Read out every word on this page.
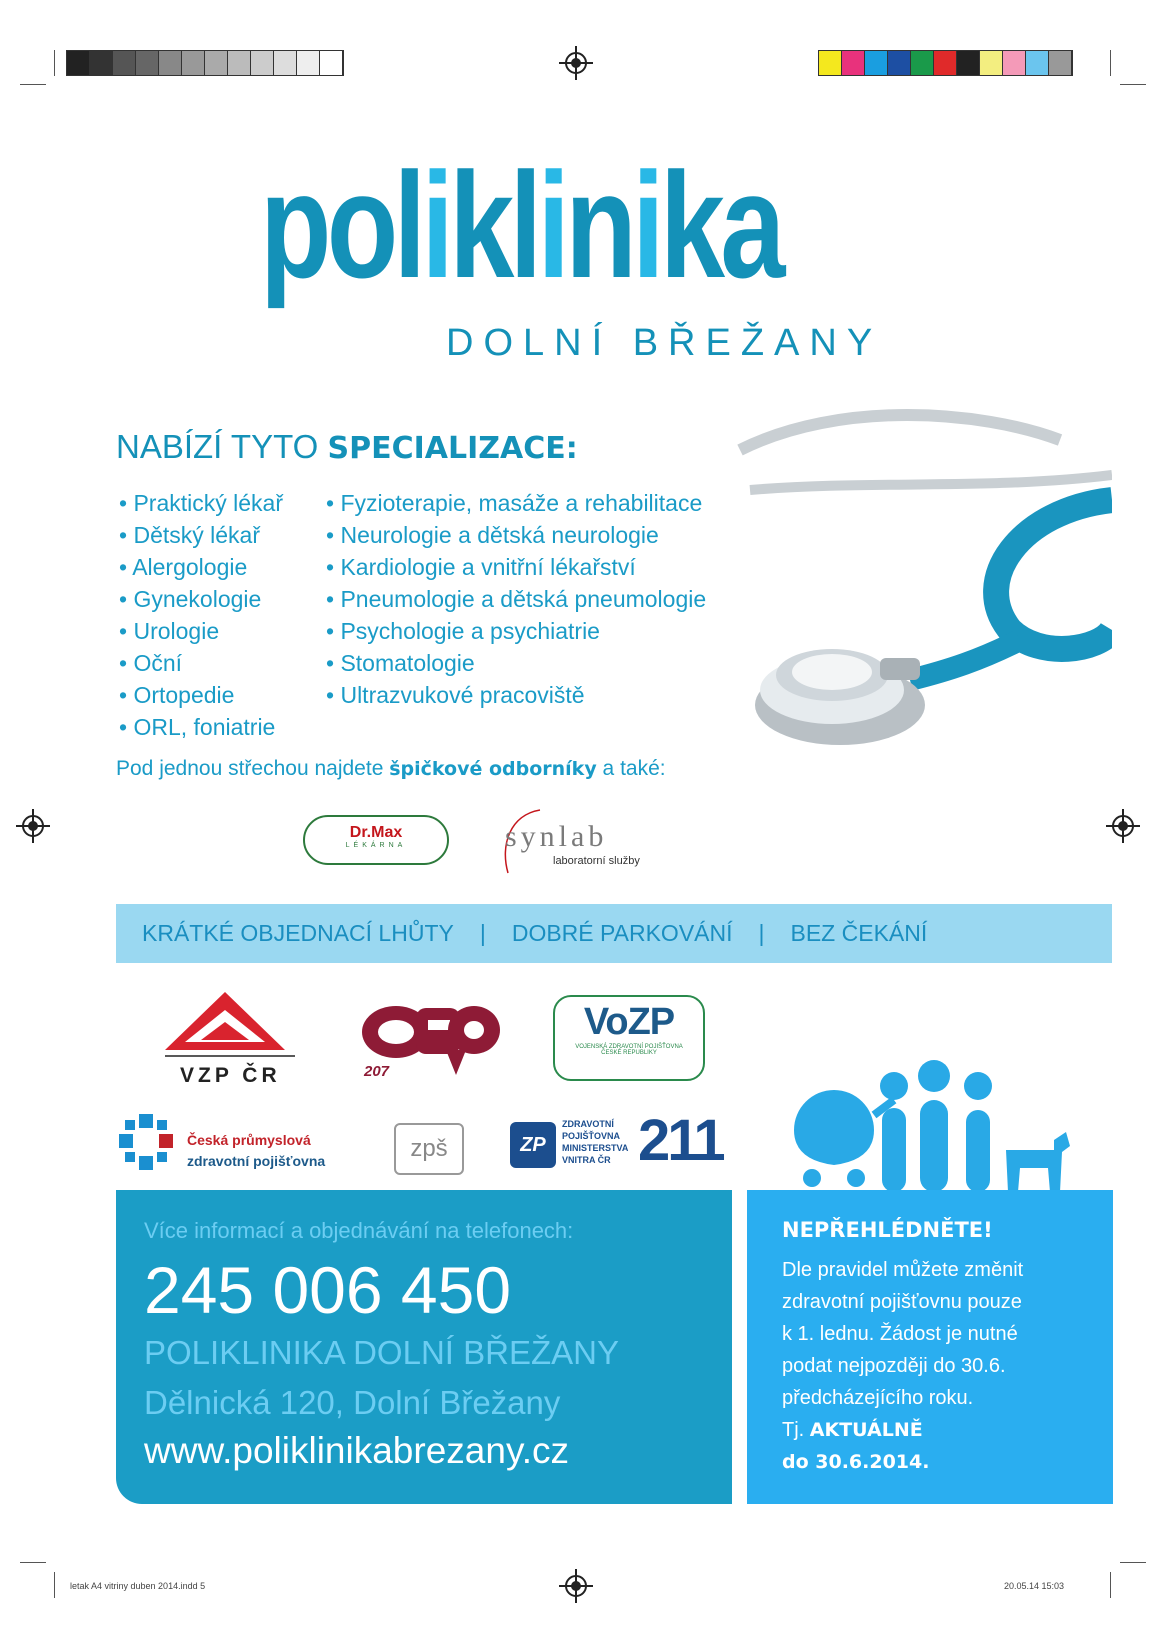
poliklinika
DOLNÍ BŘEŽANY
NABÍZÍ TYTO SPECIALIZACE:
• Praktický lékař
• Dětský lékař
• Alergologie
• Gynekologie
• Urologie
• Oční
• Ortopedie
• ORL, foniatrie
• Fyzioterapie, masáže a rehabilitace
• Neurologie a dětská neurologie
• Kardiologie a vnitřní lékařství
• Pneumologie a dětská pneumologie
• Psychologie a psychiatrie
• Stomatologie
• Ultrazvukové pracoviště
Pod jednou střechou najdete špičkové odborníky a také:
Dr.Max
LÉKÁRNA	synlab
laboratorní služby
KRÁTKÉ OBJEDNACÍ LHŮTY | DOBRÉ PARKOVÁNÍ | BEZ ČEKÁNÍ
VZP ČR	207
VoZP
VOJENSKÁ ZDRAVOTNÍ POJIŠŤOVNA
ČESKÉ REPUBLIKY
Česká průmyslová
zdravotní pojišťovna	zpš	ZP
ZDRAVOTNÍ
POJIŠŤOVNA
MINISTERSTVA
VNITRA ČR 211
Více informací a objednávání na telefonech:
245 006 450
POLIKLINIKA DOLNÍ BŘEŽANY
Dělnická 120, Dolní Břežany
www.poliklinikabrezany.cz
NEPŘEHLÉDNĚTE!
Dle pravidel můžete změnit
zdravotní pojišťovnu pouze
k 1. lednu. Žádost je nutné
podat nejpozději do 30.6.
předcházejícího roku.
Tj. AKTUÁLNĚ
do 30.6.2014.
letak A4 vitriny duben 2014.indd 5	20.05.14 15:03
